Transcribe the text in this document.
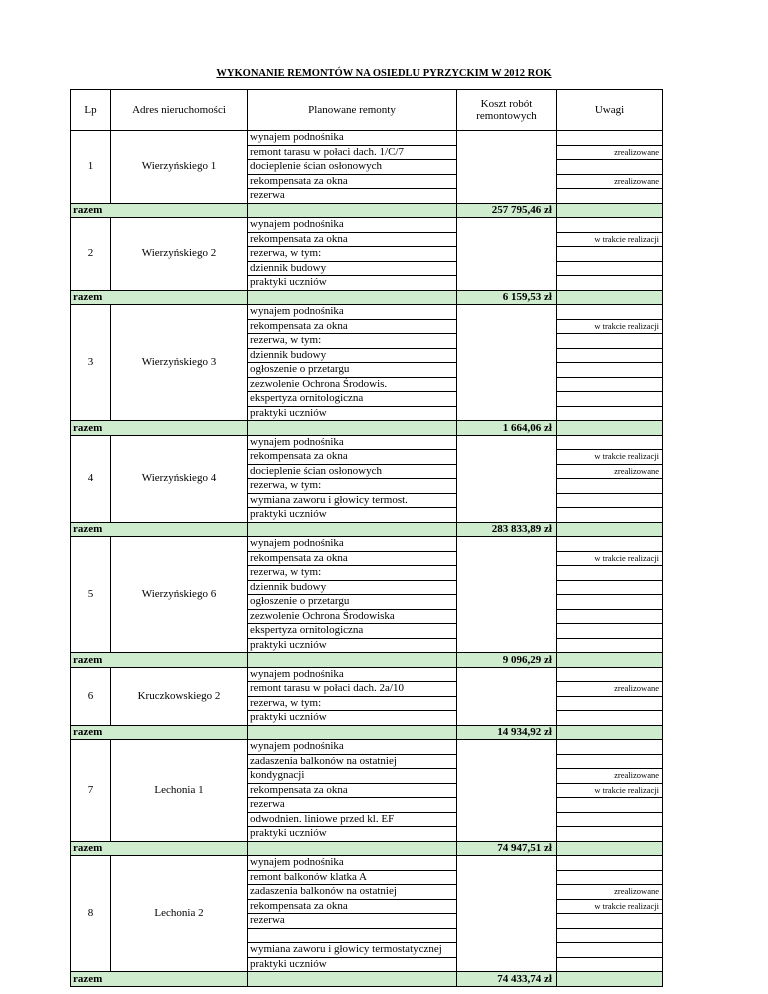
WYKONANIE REMONTÓW NA OSIEDLU PYRZYCKIM W 2012 ROK
Lp	Adres nieruchomości	Planowane remonty	Koszt robót remontowych	Uwagi
1	Wierzyńskiego 1	wynajem podnośnika		
		remont tarasu w połaci dach. 1/C/7		zrealizowane
		docieplenie ścian osłonowych		
		rekompensata za okna		zrealizowane
		rezerwa		
razem			257 795,46 zł	
2	Wierzyńskiego 2	wynajem podnośnika		
		rekompensata za okna		w trakcie realizacji
		rezerwa, w tym:		
		dziennik budowy		
		praktyki uczniów		
razem			6 159,53 zł	
3	Wierzyńskiego 3	wynajem podnośnika		
		rekompensata za okna		w trakcie realizacji
		rezerwa, w tym:		
		dziennik budowy		
		ogłoszenie o przetargu		
		zezwolenie Ochrona Środowis.		
		ekspertyza ornitologiczna		
		praktyki uczniów		
razem			1 664,06 zł	
4	Wierzyńskiego 4	wynajem podnośnika		
		rekompensata za okna		w trakcie realizacji
		docieplenie ścian osłonowych		zrealizowane
		rezerwa, w tym:		
		wymiana zaworu i głowicy termost.		
		praktyki uczniów		
razem			283 833,89 zł	
5	Wierzyńskiego 6	wynajem podnośnika		
		rekompensata za okna		w trakcie realizacji
		rezerwa, w tym:		
		dziennik budowy		
		ogłoszenie o przetargu		
		zezwolenie Ochrona Środowiska		
		ekspertyza ornitologiczna		
		praktyki uczniów		
razem			9 096,29 zł	
6	Kruczkowskiego 2	wynajem podnośnika		
		remont tarasu w połaci dach. 2a/10		zrealizowane
		rezerwa, w tym:		
		praktyki uczniów		
razem			14 934,92 zł	
7	Lechonia 1	wynajem podnośnika		
		zadaszenia balkonów na ostatniej		
		kondygnacji		zrealizowane
		rekompensata za okna		w trakcie realizacji
		rezerwa		
		odwodnien. liniowe przed kl. EF		
		praktyki uczniów		
razem			74 947,51 zł	
8	Lechonia 2	wynajem podnośnika		
		remont balkonów klatka A		
		zadaszenia balkonów na ostatniej		zrealizowane
		rekompensata za okna		w trakcie realizacji
		rezerwa		

		wymiana zaworu i głowicy termostatycznej		
		praktyki uczniów		
razem			74 433,74 zł	
